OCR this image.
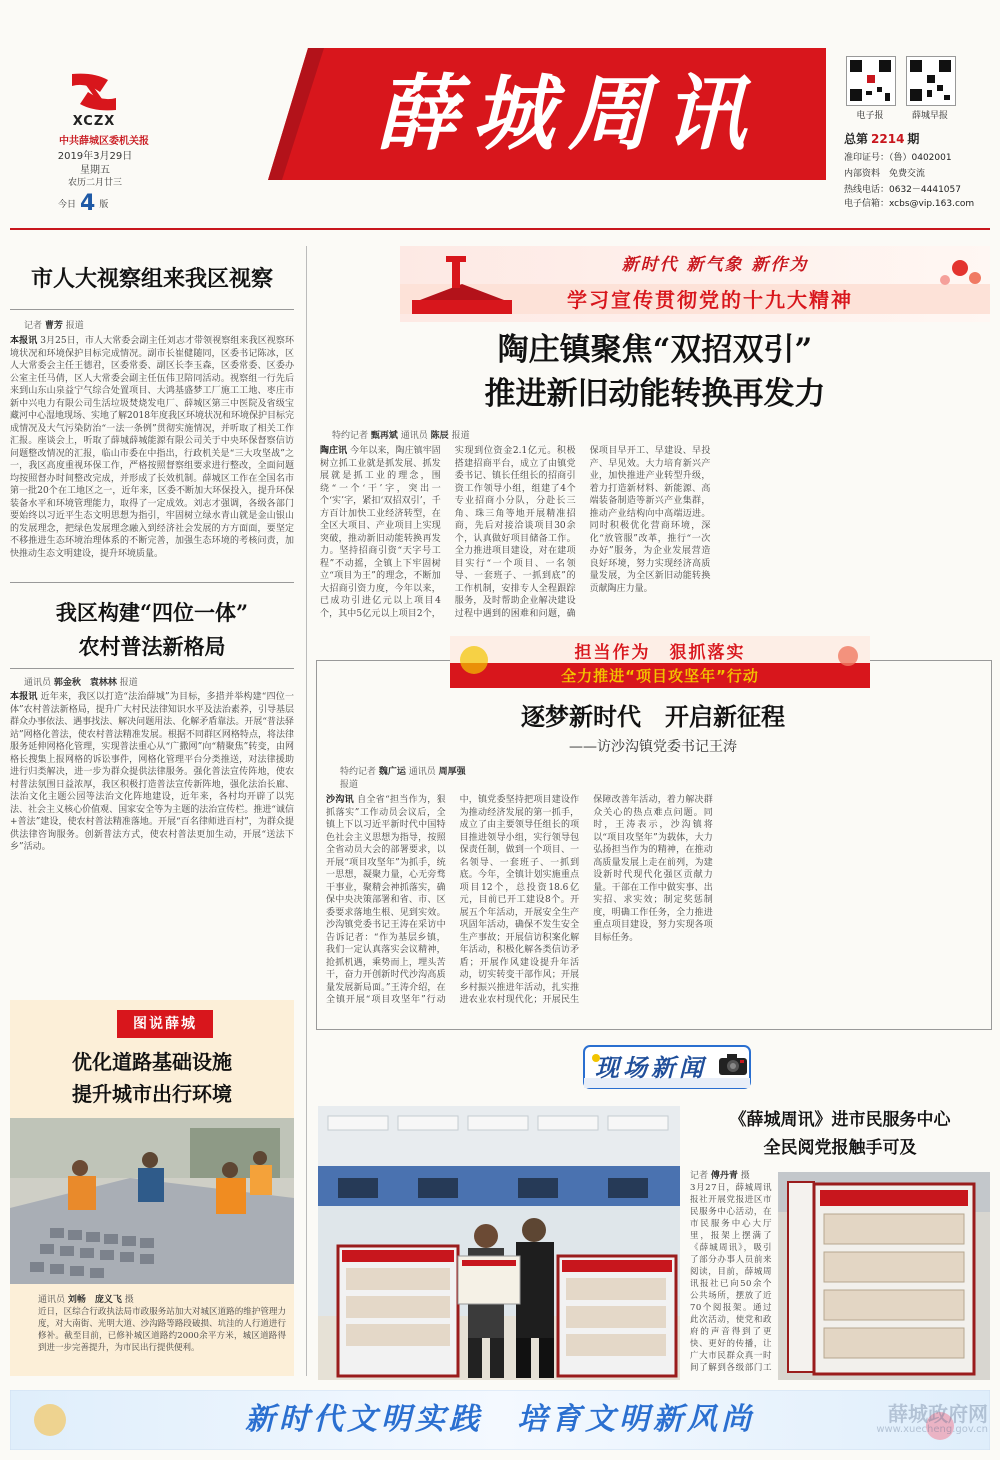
XCZX
中共薛城区委机关报
2019年3月29日
星期五
农历二月廿三
今日 4 版
薛城周讯	电子报	薛城早报
总第 2214 期
准印证号：（鲁）0402001
内部资料　免费交流
热线电话：0632－4441057
电子信箱：xcbs@vip.163.com
市人大视察组来我区视察
记者 曹芳 报道
本报讯 3月25日，市人大常委会副主任刘志才带领视察组来我区视察环境状况和环境保护目标完成情况。副市长崔健随同，区委书记陈冰，区人大常委会主任王德君，区委常委、副区长李玉森，区委常委、区委办公室主任马倩，区人大常委会副主任伍伟卫陪同活动。视察组一行先后来到山东山泉益宁气综合处置项目、大鸿基盛梦工厂施工工地、枣庄市新中兴电力有限公司生活垃圾焚烧发电厂、薛城区第三中医院及省级宝藏河中心湿地现场、实地了解2018年度我区环境状况和环境保护目标完成情况及大气污染防治“一法一条例”贯彻实施情况，并听取了相关工作汇报。座谈会上，听取了薛城薛城能源有限公司关于中央环保督察信访问题整改情况的汇报，临山市委在中指出，行政机关是“三大攻坚战”之一，我区高度重视环保工作，严格按照督察组要求进行整改，全面问题均按照督办时间整改完成，并形成了长效机制。薛城区工作在全国名市第一批20个在工地区之一，近年来，区委不断加大环保投入，提升环保装备水平和环境管理能力，取得了一定成效。刘志才强调，各级各部门要始终以习近平生态文明思想为指引，牢固树立绿水青山就是金山银山的发展理念，把绿色发展理念融入到经济社会发展的方方面面，要坚定不移推进生态环境治理体系的不断完善，加强生态环境的考核问责，加快推动生态文明建设，提升环境质量。
我区构建“四位一体”
农村普法新格局
通讯员 郭金秋　袁林林 报道
本报讯 近年来，我区以打造“法治薛城”为目标，多措并举构建“四位一体”农村普法新格局，提升广大村民法律知识水平及法治素养，引导基层群众办事依法、遇事找法、解决问题用法、化解矛盾靠法。开展“普法驿站”网格化普法，使农村普法精准发展。根据不同群区网格特点，将法律服务延伸网格化管理，实现普法重心从“广撒网”向“精聚焦”转变，由网格长搜集上报网格的诉讼事件，网格化管理平台分类推送，对法律援助进行归类解决，进一步为群众提供法律服务。强化普法宣传阵地，使农村普法氛围日益浓厚，我区积极打造普法宣传新阵地，强化法治长廊、法治文化主题公园等法治文化阵地建设，近年来，各村均开辟了以宪法、社会主义核心价值观、国家安全等为主题的法治宣传栏。推进“诚信+普法”建设，使农村普法精准落地。开展“百名律师进百村”，为群众提供法律咨询服务。创新普法方式，使农村普法更加生动，开展“送法下乡”活动。
图说薛城
优化道路基础设施
提升城市出行环境
通讯员 刘畅　庞义飞 摄
近日，区综合行政执法局市政服务站加大对城区道路的维护管理力度，对大南街、光明大道、沙沟路等路段破损、坑洼的人行道进行修补。截至目前，已修补城区道路约2000余平方米，城区道路得到进一步完善提升，为市民出行提供便利。
新时代 新气象 新作为
学习宣传贯彻党的十九大精神
陶庄镇聚焦“双招双引”
推进新旧动能转换再发力
特约记者 甄再斌 通讯员 陈辰 报道
陶庄讯 今年以来，陶庄镇牢固树立抓工业就是抓发展、抓发展就是抓工业的理念，围绕“一个‘干’字，突出一个‘实’字，紧扣‘双招双引’，千方百计加快工业经济转型，在全区大项目、产业项目上实现突破，推动新旧动能转换再发力。坚持招商引资“天字号工程”不动摇，全镇上下牢固树立“项目为王”的理念，不断加大招商引资力度，今年以来，已成功引进亿元以上项目4个，其中5亿元以上项目2个，实现到位资金2.1亿元。积极搭建招商平台，成立了由镇党委书记、镇长任组长的招商引资工作领导小组，组建了4个专业招商小分队，分赴长三角、珠三角等地开展精准招商，先后对接洽谈项目30余个，认真做好项目储备工作。全力推进项目建设，对在建项目实行“一个项目、一名领导、一套班子、一抓到底”的工作机制，安排专人全程跟踪服务，及时帮助企业解决建设过程中遇到的困难和问题，确保项目早开工、早建设、早投产、早见效。大力培育新兴产业，加快推进产业转型升级，着力打造新材料、新能源、高端装备制造等新兴产业集群，推动产业结构向中高端迈进。同时积极优化营商环境，深化“放管服”改革，推行“一次办好”服务，为企业发展营造良好环境，努力实现经济高质量发展，为全区新旧动能转换贡献陶庄力量。
担当作为　狠抓落实
全力推进“项目攻坚年”行动
逐梦新时代　开启新征程
——访沙沟镇党委书记王涛
特约记者 魏广运 通讯员 周厚强 报道
沙沟讯 自全省“担当作为，狠抓落实”工作动员会议后，全镇上下以习近平新时代中国特色社会主义思想为指导，按照全省动员大会的部署要求，以开展“项目攻坚年”为抓手，统一思想，凝聚力量，心无旁骛干事业，聚精会神抓落实，确保中央决策部署和省、市、区委要求落地生根、见到实效。沙沟镇党委书记王涛在采访中告诉记者：“作为基层乡镇，我们一定认真落实会议精神，抢抓机遇，乘势而上，埋头苦干，奋力开创新时代沙沟高质量发展新局面。”王涛介绍，在全镇开展“项目攻坚年”行动中，镇党委坚持把项目建设作为推动经济发展的第一抓手，成立了由主要领导任组长的项目推进领导小组，实行领导包保责任制，做到一个项目、一名领导、一套班子、一抓到底。今年，全镇计划实施重点项目12个，总投资18.6亿元，目前已开工建设8个。开展五个年活动，开展安全生产巩固年活动，确保不发生安全生产事故；开展信访积案化解年活动，积极化解各类信访矛盾；开展作风建设提升年活动，切实转变干部作风；开展乡村振兴推进年活动，扎实推进农业农村现代化；开展民生保障改善年活动，着力解决群众关心的热点难点问题。同时，王涛表示，沙沟镇将以“项目攻坚年”为载体，大力弘扬担当作为的精神，在推动高质量发展上走在前列，为建设新时代现代化强区贡献力量。干部在工作中做实事、出实招、求实效；制定奖惩制度，明确工作任务，全力推进重点项目建设，努力实现各项目标任务。
现场新闻
《薛城周讯》进市民服务中心
全民阅党报触手可及
记者 傅丹青 摄
3月27日，薛城周讯报社开展党报进区市民服务中心活动，在市民服务中心大厅里，报架上摆满了《薛城周讯》，吸引了部分办事人员前来阅读，目前，薛城周讯报社已向50余个公共场所，摆放了近70个阅报架。通过此次活动，使党和政府的声音得到了更快、更好的传播，让广大市民群众真一时间了解到各级部门工
新时代文明实践　培育文明新风尚	薛城政府网
www.xuecheng.gov.cn
